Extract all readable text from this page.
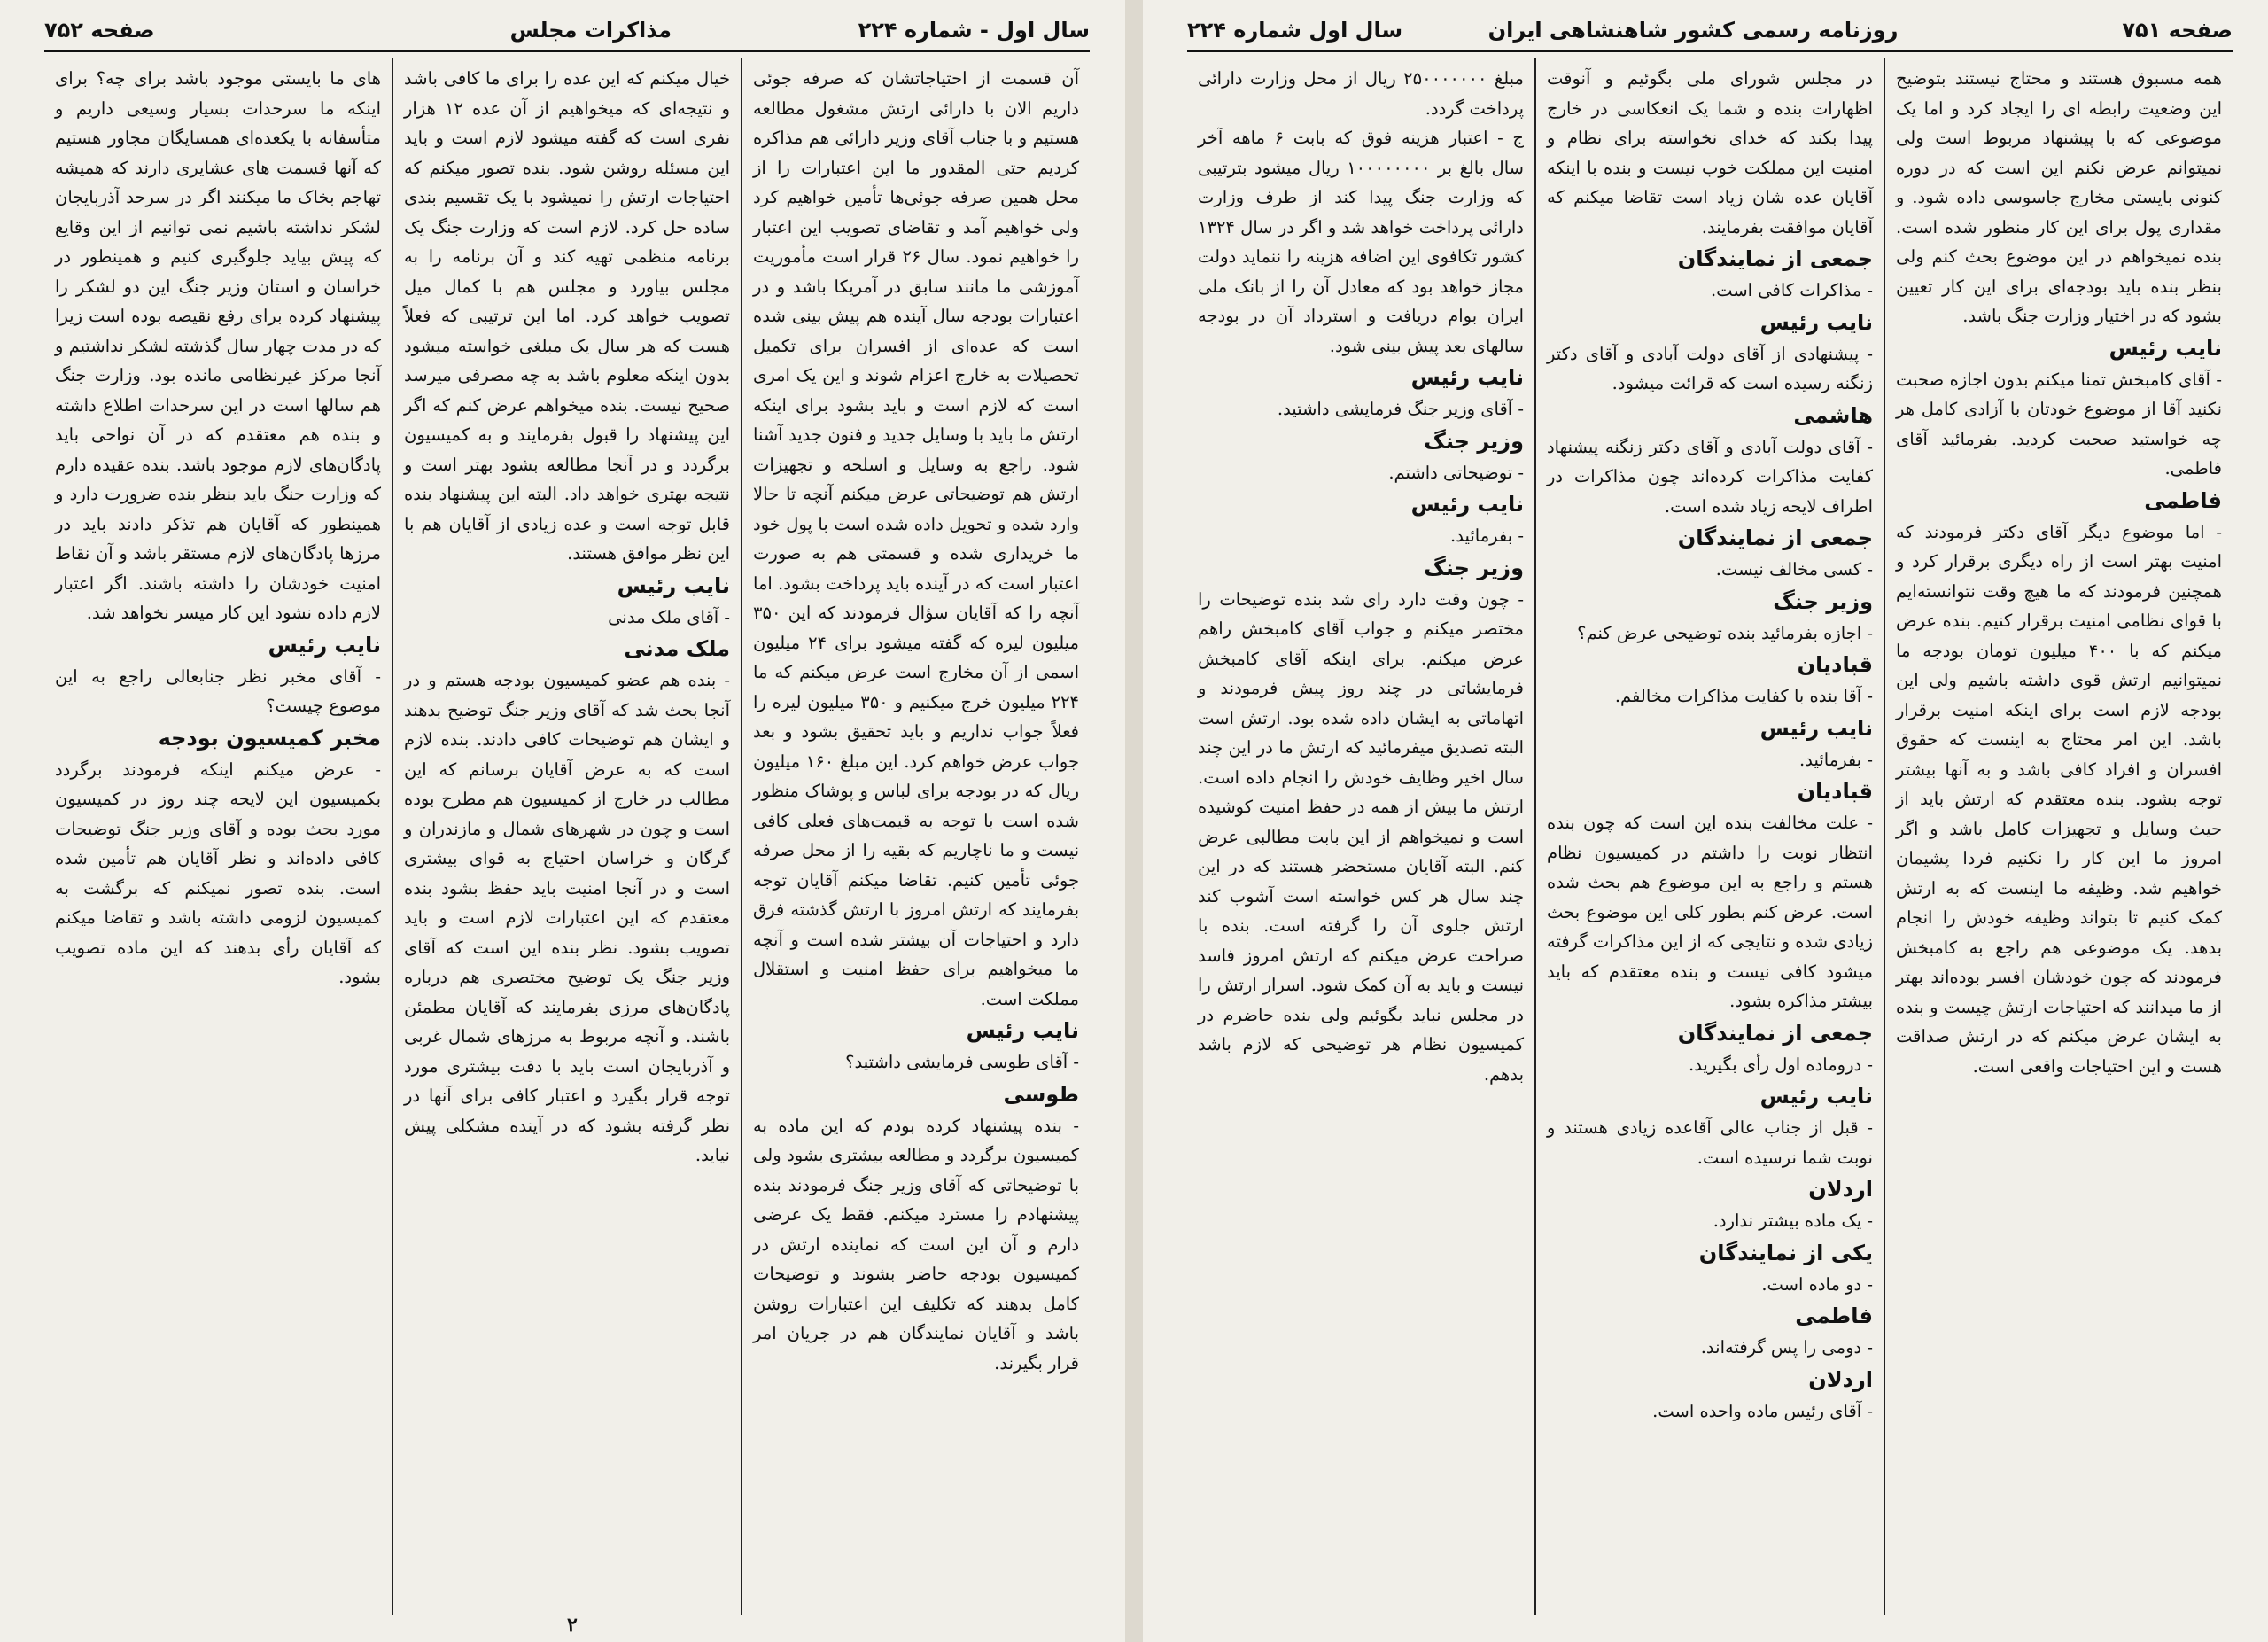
سال اول - شماره ۲۲۴
مذاکرات مجلس
صفحه ۷۵۲

آن قسمت از احتیاجاتشان که صرفه جوئی داریم الان با دارائی ارتش مشغول مطالعه هستیم و با جناب آقای وزیر دارائی هم مذاکره کردیم حتی المقدور ما این اعتبارات را از محل همین صرفه جوئی‌ها تأمین خواهیم کرد ولی خواهیم آمد و تقاضای تصویب این اعتبار را خواهیم نمود. سال ۲۶ قرار است مأموریت آموزشی ما مانند سابق در آمریکا باشد و در اعتبارات بودجه سال آینده هم پیش بینی شده است که عده‌ای از افسران برای تکمیل تحصیلات به خارج اعزام شوند و این یک امری است که لازم است و باید بشود برای اینکه ارتش ما باید با وسایل جدید و فنون جدید آشنا شود. راجع به وسایل و اسلحه و تجهیزات ارتش هم توضیحاتی عرض میکنم آنچه تا حالا وارد شده و تحویل داده شده است با پول خود ما خریداری شده و قسمتی هم به صورت اعتبار است که در آینده باید پرداخت بشود. اما آنچه را که آقایان سؤال فرمودند که این ۳۵۰ میلیون لیره که گفته میشود برای ۲۴ میلیون اسمی از آن مخارج است عرض میکنم که ما ۲۲۴ میلیون خرج میکنیم و ۳۵۰ میلیون لیره را فعلاً جواب نداریم و باید تحقیق بشود و بعد جواب عرض خواهم کرد. این مبلغ ۱۶۰ میلیون ریال که در بودجه برای لباس و پوشاک منظور شده است با توجه به قیمت‌های فعلی کافی نیست و ما ناچاریم که بقیه را از محل صرفه جوئی تأمین کنیم. تقاضا میکنم آقایان توجه بفرمایند که ارتش امروز با ارتش گذشته فرق دارد و احتیاجات آن بیشتر شده است و آنچه ما میخواهیم برای حفظ امنیت و استقلال مملکت است.

نایب رئیس

- آقای طوسی فرمایشی داشتید؟

طوسی

- بنده پیشنهاد کرده بودم که این ماده به کمیسیون برگردد و مطالعه بیشتری بشود ولی با توضیحاتی که آقای وزیر جنگ فرمودند بنده پیشنهادم را مسترد میکنم. فقط یک عرضی دارم و آن این است که نماینده ارتش در کمیسیون بودجه حاضر بشوند و توضیحات کامل بدهند که تکلیف این اعتبارات روشن باشد و آقایان نمایندگان هم در جریان امر قرار بگیرند.

خیال میکنم که این عده را برای ما کافی باشد و نتیجه‌ای که میخواهیم از آن عده ۱۲ هزار نفری است که گفته میشود لازم است و باید این مسئله روشن شود. بنده تصور میکنم که احتیاجات ارتش را نمیشود با یک تقسیم بندی ساده حل کرد. لازم است که وزارت جنگ یک برنامه منظمی تهیه کند و آن برنامه را به مجلس بیاورد و مجلس هم با کمال میل تصویب خواهد کرد. اما این ترتیبی که فعلاً هست که هر سال یک مبلغی خواسته میشود بدون اینکه معلوم باشد به چه مصرفی میرسد صحیح نیست. بنده میخواهم عرض کنم که اگر این پیشنهاد را قبول بفرمایند و به کمیسیون برگردد و در آنجا مطالعه بشود بهتر است و نتیجه بهتری خواهد داد. البته این پیشنهاد بنده قابل توجه است و عده زیادی از آقایان هم با این نظر موافق هستند.

نایب رئیس

- آقای ملک مدنی

ملک مدنی

- بنده هم عضو کمیسیون بودجه هستم و در آنجا بحث شد که آقای وزیر جنگ توضیح بدهند و ایشان هم توضیحات کافی دادند. بنده لازم است که به عرض آقایان برسانم که این مطالب در خارج از کمیسیون هم مطرح بوده است و چون در شهرهای شمال و مازندران و گرگان و خراسان احتیاج به قوای بیشتری است و در آنجا امنیت باید حفظ بشود بنده معتقدم که این اعتبارات لازم است و باید تصویب بشود. نظر بنده این است که آقای وزیر جنگ یک توضیح مختصری هم درباره پادگان‌های مرزی بفرمایند که آقایان مطمئن باشند. و آنچه مربوط به مرزهای شمال غربی و آذربایجان است باید با دقت بیشتری مورد توجه قرار بگیرد و اعتبار کافی برای آنها در نظر گرفته بشود که در آینده مشکلی پیش نیاید.

های ما بایستی موجود باشد برای چه؟ برای اینکه ما سرحدات بسیار وسیعی داریم و متأسفانه با یکعده‌ای همسایگان مجاور هستیم که آنها قسمت های عشایری دارند که همیشه تهاجم بخاک ما میکنند اگر در سرحد آذربایجان لشکر نداشته باشیم نمی توانیم از این وقایع که پیش بیاید جلوگیری کنیم و همینطور در خراسان و استان وزیر جنگ این دو لشکر را پیشنهاد کرده برای رفع نقیصه بوده است زیرا که در مدت چهار سال گذشته لشکر نداشتیم و آنجا مرکز غیرنظامی مانده بود. وزارت جنگ هم سالها است در این سرحدات اطلاع داشته و بنده هم معتقدم که در آن نواحی باید پادگان‌های لازم موجود باشد. بنده عقیده دارم که وزارت جنگ باید بنظر بنده ضرورت دارد و همینطور که آقایان هم تذکر دادند باید در مرزها پادگان‌های لازم مستقر باشد و آن نقاط امنیت خودشان را داشته باشند. اگر اعتبار لازم داده نشود این کار میسر نخواهد شد.

نایب رئیس

- آقای مخبر نظر جنابعالی راجع به این موضوع چیست؟

مخبر کمیسیون بودجه

- عرض میکنم اینکه فرمودند برگردد بکمیسیون این لایحه چند روز در کمیسیون مورد بحث بوده و آقای وزیر جنگ توضیحات کافی داده‌اند و نظر آقایان هم تأمین شده است. بنده تصور نمیکنم که برگشت به کمیسیون لزومی داشته باشد و تقاضا میکنم که آقایان رأی بدهند که این ماده تصویب بشود.

۲
صفحه ۷۵۱
روزنامه رسمی کشور شاهنشاهی ایران
سال اول شماره ۲۲۴

همه مسبوق هستند و محتاج نیستند بتوضیح این وضعیت رابطه ای را ایجاد کرد و اما یک موضوعی که با پیشنهاد مربوط است ولی نمیتوانم عرض نکنم این است که در دوره کنونی بایستی مخارج جاسوسی داده شود. و مقداری پول برای این کار منظور شده است. بنده نمیخواهم در این موضوع بحث کنم ولی بنظر بنده باید بودجه‌ای برای این کار تعیین بشود که در اختیار وزارت جنگ باشد.

نایب رئیس

- آقای کامبخش تمنا میکنم بدون اجازه صحبت نکنید آقا از موضوع خودتان با آزادی کامل هر چه خواستید صحبت کردید. بفرمائید آقای فاطمی.

فاطمی

- اما موضوع دیگر آقای دکتر فرمودند که امنیت بهتر است از راه دیگری برقرار کرد و همچنین فرمودند که ما هیچ وقت نتوانسته‌ایم با قوای نظامی امنیت برقرار کنیم. بنده عرض میکنم که با ۴۰۰ میلیون تومان بودجه ما نمیتوانیم ارتش قوی داشته باشیم ولی این بودجه لازم است برای اینکه امنیت برقرار باشد. این امر محتاج به اینست که حقوق افسران و افراد کافی باشد و به آنها بیشتر توجه بشود. بنده معتقدم که ارتش باید از حیث وسایل و تجهیزات کامل باشد و اگر امروز ما این کار را نکنیم فردا پشیمان خواهیم شد. وظیفه ما اینست که به ارتش کمک کنیم تا بتواند وظیفه خودش را انجام بدهد. یک موضوعی هم راجع به کامبخش فرمودند که چون خودشان افسر بوده‌اند بهتر از ما میدانند که احتیاجات ارتش چیست و بنده به ایشان عرض میکنم که در ارتش صداقت هست و این احتیاجات واقعی است.

در مجلس شورای ملی بگوئیم و آنوقت اظهارات بنده و شما یک انعکاسی در خارج پیدا بکند که خدای نخواسته برای نظام و امنیت این مملکت خوب نیست و بنده با اینکه آقایان عده شان زیاد است تقاضا میکنم که آقایان موافقت بفرمایند.

جمعی از نمایندگان

- مذاکرات کافی است.

نایب رئیس

- پیشنهادی از آقای دولت آبادی و آقای دکتر زنگنه رسیده است که قرائت میشود.

هاشمی

- آقای دولت آبادی و آقای دکتر زنگنه پیشنهاد کفایت مذاکرات کرده‌اند چون مذاکرات در اطراف لایحه زیاد شده است.

جمعی از نمایندگان

- کسی مخالف نیست.

وزیر جنگ

- اجازه بفرمائید بنده توضیحی عرض کنم؟

قبادیان

- آقا بنده با کفایت مذاکرات مخالفم.

نایب رئیس

- بفرمائید.

قبادیان

- علت مخالفت بنده این است که چون بنده انتظار نوبت را داشتم در کمیسیون نظام هستم و راجع به این موضوع هم بحث شده است. عرض کنم بطور کلی این موضوع بحث زیادی شده و نتایجی که از این مذاکرات گرفته میشود کافی نیست و بنده معتقدم که باید بیشتر مذاکره بشود.

جمعی از نمایندگان

- دروماده اول رأی بگیرید.

نایب رئیس

- قبل از جناب عالی آقاعده زیادی هستند و نوبت شما نرسیده است.

اردلان

- یک ماده بیشتر ندارد.

یکی از نمایندگان

- دو ماده است.

فاطمی

- دومی را پس گرفته‌اند.

اردلان

- آقای رئیس ماده واحده است.

مبلغ ۲۵۰۰۰۰۰۰۰ ریال از محل وزارت دارائی پرداخت گردد.

ج - اعتبار هزینه فوق که بابت ۶ ماهه آخر سال بالغ بر ۱۰۰۰۰۰۰۰۰ ریال میشود بترتیبی که وزارت جنگ پیدا کند از طرف وزارت دارائی پرداخت خواهد شد و اگر در سال ۱۳۲۴ کشور تکافوی این اضافه هزینه را ننماید دولت مجاز خواهد بود که معادل آن را از بانک ملی ایران بوام دریافت و استرداد آن در بودجه سالهای بعد پیش بینی شود.

نایب رئیس

- آقای وزیر جنگ فرمایشی داشتید.

وزیر جنگ

- توضیحاتی داشتم.

نایب رئیس

- بفرمائید.

وزیر جنگ

- چون وقت دارد رای شد بنده توضیحات را مختصر میکنم و جواب آقای کامبخش راهم عرض میکنم. برای اینکه آقای کامبخش فرمایشاتی در چند روز پیش فرمودند و اتهاماتی به ایشان داده شده بود. ارتش است البته تصدیق میفرمائید که ارتش ما در این چند سال اخیر وظایف خودش را انجام داده است. ارتش ما بیش از همه در حفظ امنیت کوشیده است و نمیخواهم از این بابت مطالبی عرض کنم. البته آقایان مستحضر هستند که در این چند سال هر کس خواسته است آشوب کند ارتش جلوی آن را گرفته است. بنده با صراحت عرض میکنم که ارتش امروز فاسد نیست و باید به آن کمک شود. اسرار ارتش را در مجلس نباید بگوئیم ولی بنده حاضرم در کمیسیون نظام هر توضیحی که لازم باشد بدهم.
